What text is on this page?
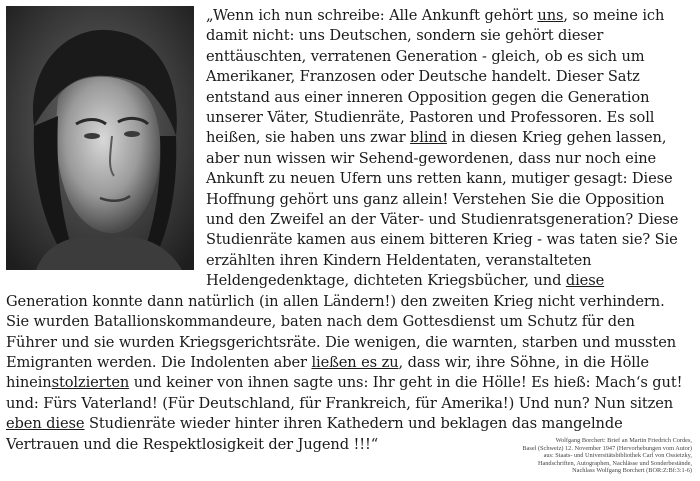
„Wenn ich nun schreibe: Alle Ankunft gehört uns, so meine ich damit nicht: uns Deutschen, sondern sie gehört dieser enttäuschten, verratenen Generation - gleich, ob es sich um Amerikaner, Franzosen oder Deutsche handelt. Dieser Satz entstand aus einer inneren Opposition gegen die Generation unserer Väter, Studienräte, Pastoren und Professoren. Es soll heißen, sie haben uns zwar blind in diesen Krieg gehen lassen, aber nun wissen wir Sehend-gewordenen, dass nur noch eine Ankunft zu neuen Ufern uns retten kann, mutiger gesagt: Diese Hoffnung gehört uns ganz allein! Verstehen Sie die Opposition und den Zweifel an der Väter- und Studienratsgeneration? Diese Studienräte kamen aus einem bitteren Krieg - was taten sie? Sie erzählten ihren Kindern Heldentaten, veranstalteten Heldengedenktage, dichteten Kriegsbücher, und diese Generation konnte dann natürlich (in allen Ländern!) den zweiten Krieg nicht verhindern. Sie wurden Batallionskommandeure, baten nach dem Gottesdienst um Schutz für den Führer und sie wurden Kriegsgerichtsräte. Die wenigen, die warnten, starben und mussten Emigranten werden. Die Indolenten aber ließen es zu, dass wir, ihre Söhne, in die Hölle hineinstolzierten und keiner von ihnen sagte uns: Ihr geht in die Hölle! Es hieß: Mach‘s gut! und: Fürs Vaterland! (Für Deutschland, für Frankreich, für Amerika!) Und nun? Nun sitzen eben diese Studienräte wieder hinter ihren Kathedern und beklagen das mangelnde Vertrauen und die Respektlosigkeit der Jugend !!!“	Wolfgang Borchert: Brief an Martin Friedrich Cordes,
Basel (Schweiz) 12. November 1947 (Hervorhebungen vom Autor)
aus: Staats- und Universitätsbibliothek Carl von Ossietzky,
Handschriften, Autographen, Nachlässe und Sonderbestände,
Nachlass Wolfgang Borchert (BOR:Z:Bf:3:1-6)
